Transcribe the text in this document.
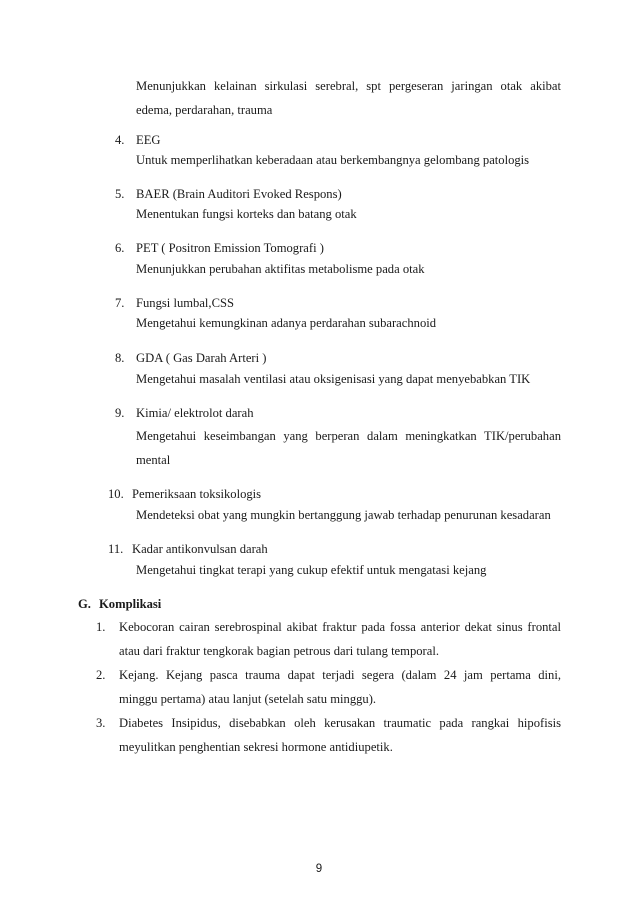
Menunjukkan kelainan sirkulasi serebral, spt pergeseran jaringan otak akibat
edema, perdarahan, trauma
4. EEG
Untuk memperlihatkan keberadaan atau berkembangnya gelombang patologis
5. BAER (Brain Auditori Evoked Respons)
Menentukan fungsi korteks dan batang otak
6. PET ( Positron Emission Tomografi )
Menunjukkan perubahan aktifitas metabolisme pada otak
7. Fungsi lumbal,CSS
Mengetahui kemungkinan adanya perdarahan subarachnoid
8. GDA ( Gas Darah Arteri )
Mengetahui masalah ventilasi atau oksigenisasi yang dapat menyebabkan TIK
9. Kimia/ elektrolot darah
Mengetahui keseimbangan yang berperan dalam meningkatkan TIK/perubahan
mental
10. Pemeriksaan toksikologis
Mendeteksi obat yang mungkin bertanggung jawab terhadap penurunan kesadaran
11. Kadar antikonvulsan darah
Mengetahui tingkat terapi yang cukup efektif untuk mengatasi kejang
G. Komplikasi
1. Kebocoran cairan serebrospinal akibat fraktur pada fossa anterior dekat sinus frontal
atau dari fraktur tengkorak bagian petrous dari tulang temporal.
2. Kejang. Kejang pasca trauma dapat terjadi segera (dalam 24 jam pertama dini,
minggu pertama) atau lanjut (setelah satu minggu).
3. Diabetes Insipidus, disebabkan oleh kerusakan traumatic pada rangkai hipofisis
meyulitkan penghentian sekresi hormone antidiupetik.
9
